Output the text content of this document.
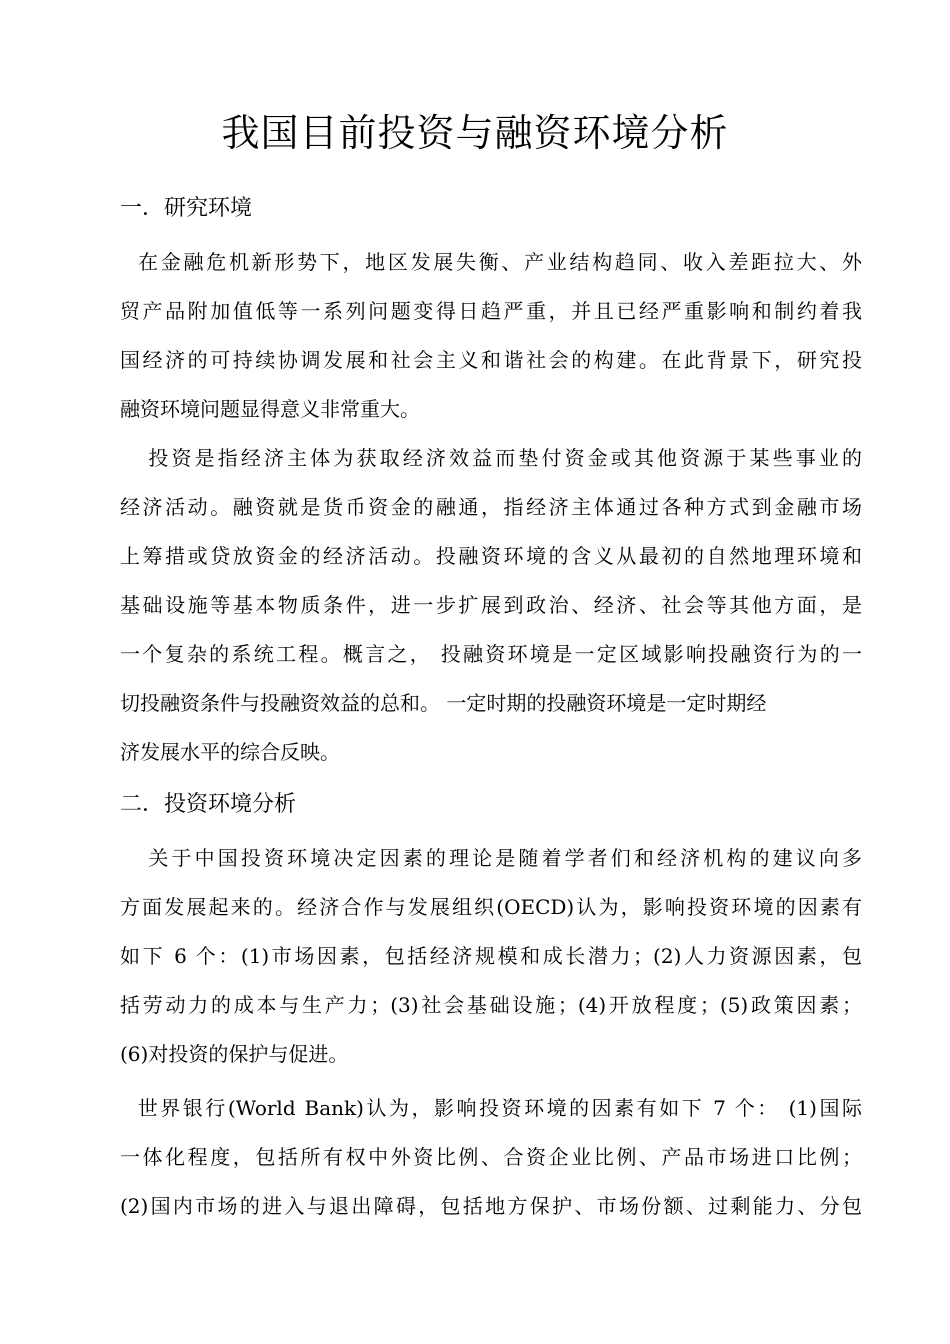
我国目前投资与融资环境分析
一．研究环境

在金融危机新形势下，地区发展失衡、产业结构趋同、收入差距拉大、外
贸产品附加值低等一系列问题变得日趋严重，并且已经严重影响和制约着我
国经济的可持续协调发展和社会主义和谐社会的构建。在此背景下，研究投
融资环境问题显得意义非常重大。

投资是指经济主体为获取经济效益而垫付资金或其他资源于某些事业的
经济活动。融资就是货币资金的融通，指经济主体通过各种方式到金融市场
上筹措或贷放资金的经济活动。投融资环境的含义从最初的自然地理环境和
基础设施等基本物质条件，进一步扩展到政治、经济、社会等其他方面，是
一个复杂的系统工程。概言之， 投融资环境是一定区域影响投融资行为的一
切投融资条件与投融资效益的总和。 一定时期的投融资环境是一定时期经
济发展水平的综合反映。

二．投资环境分析

关于中国投资环境决定因素的理论是随着学者们和经济机构的建议向多
方面发展起来的。经济合作与发展组织(OECD)认为，影响投资环境的因素有
如下 6 个：(1)市场因素，包括经济规模和成长潜力；(2)人力资源因素，包
括劳动力的成本与生产力；(3)社会基础设施；(4)开放程度；(5)政策因素；
(6)对投资的保护与促进。

世界银行(World Bank)认为，影响投资环境的因素有如下 7 个： (1)国际
一体化程度，包括所有权中外资比例、合资企业比例、产品市场进口比例；
(2)国内市场的进入与退出障碍，包括地方保护、市场份额、过剩能力、分包
